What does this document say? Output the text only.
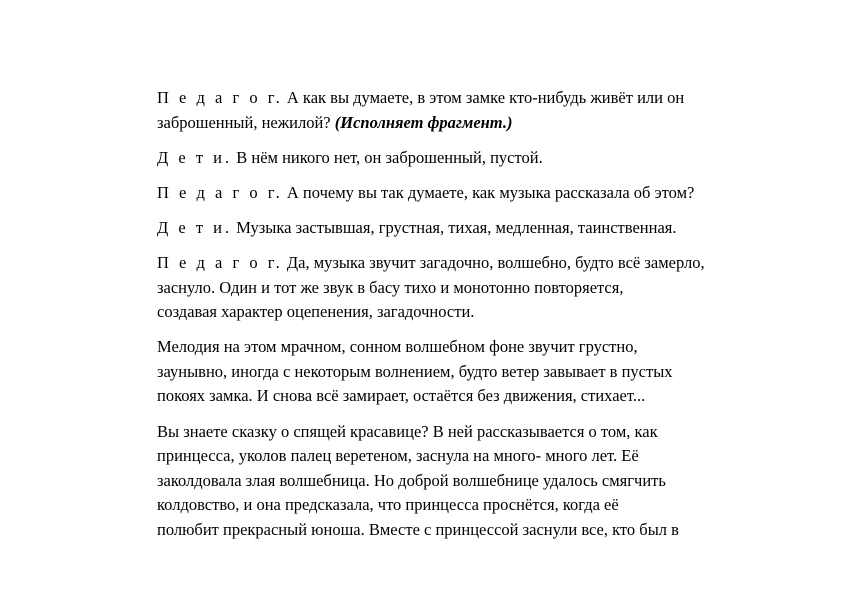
П е д а г о г. А как вы думаете, в этом замке кто-нибудь живёт или он
заброшенный, нежилой? (Исполняет фрагмент.)

Д е т и. В нём никого нет, он заброшенный, пустой.

П е д а г о г. А почему вы так думаете, как музыка рассказала об этом?

Д е т и. Музыка застывшая, грустная, тихая, медленная, таинственная.

П е д а г о г. Да, музыка звучит загадочно, волшебно, будто всё замерло,
заснуло. Один и тот же звук в басу тихо и монотонно повторяется,
создавая характер оцепенения, загадочности.

Мелодия на этом мрачном, сонном волшебном фоне звучит грустно,
заунывно, иногда с некоторым волнением, будто ветер завывает в пустых
покоях замка. И снова всё замирает, остаётся без движения, стихает...

Вы знаете сказку о спящей красавице? В ней рассказывается о том, как
принцесса, уколов палец веретеном, заснула на много- много лет. Её
заколдовала злая волшебница. Но доброй волшебнице удалось смягчить
колдовство, и она предсказала, что принцесса проснётся, когда её
полюбит прекрасный юноша. Вместе с принцессой заснули все, кто был в
